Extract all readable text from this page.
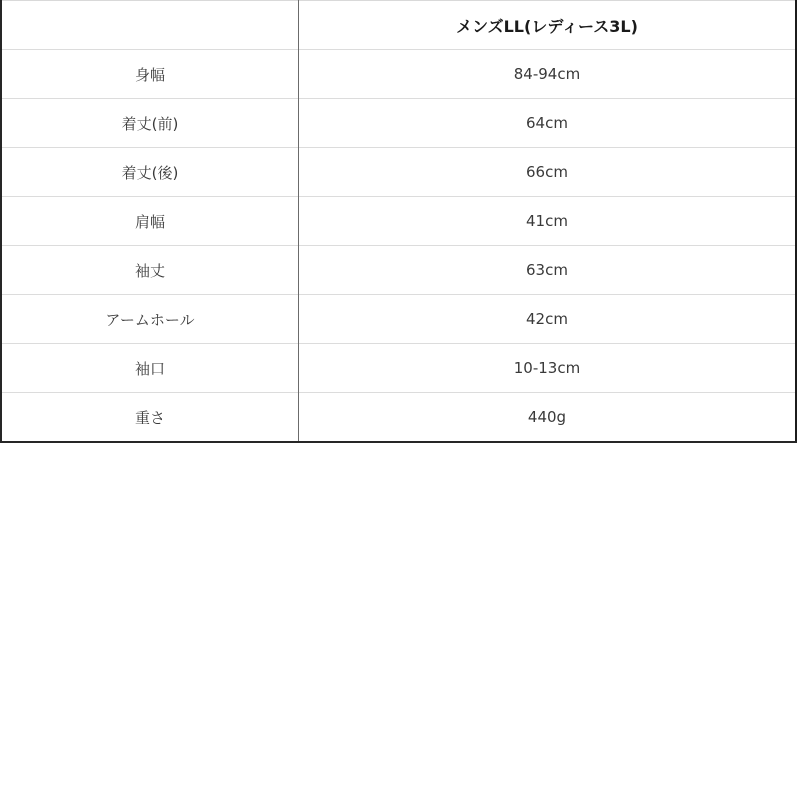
	メンズLL(レディース3L)
身幅	84-94cm
着丈(前)	64cm
着丈(後)	66cm
肩幅	41cm
袖丈	63cm
アームホール	42cm
袖口	10-13cm
重さ	440g
